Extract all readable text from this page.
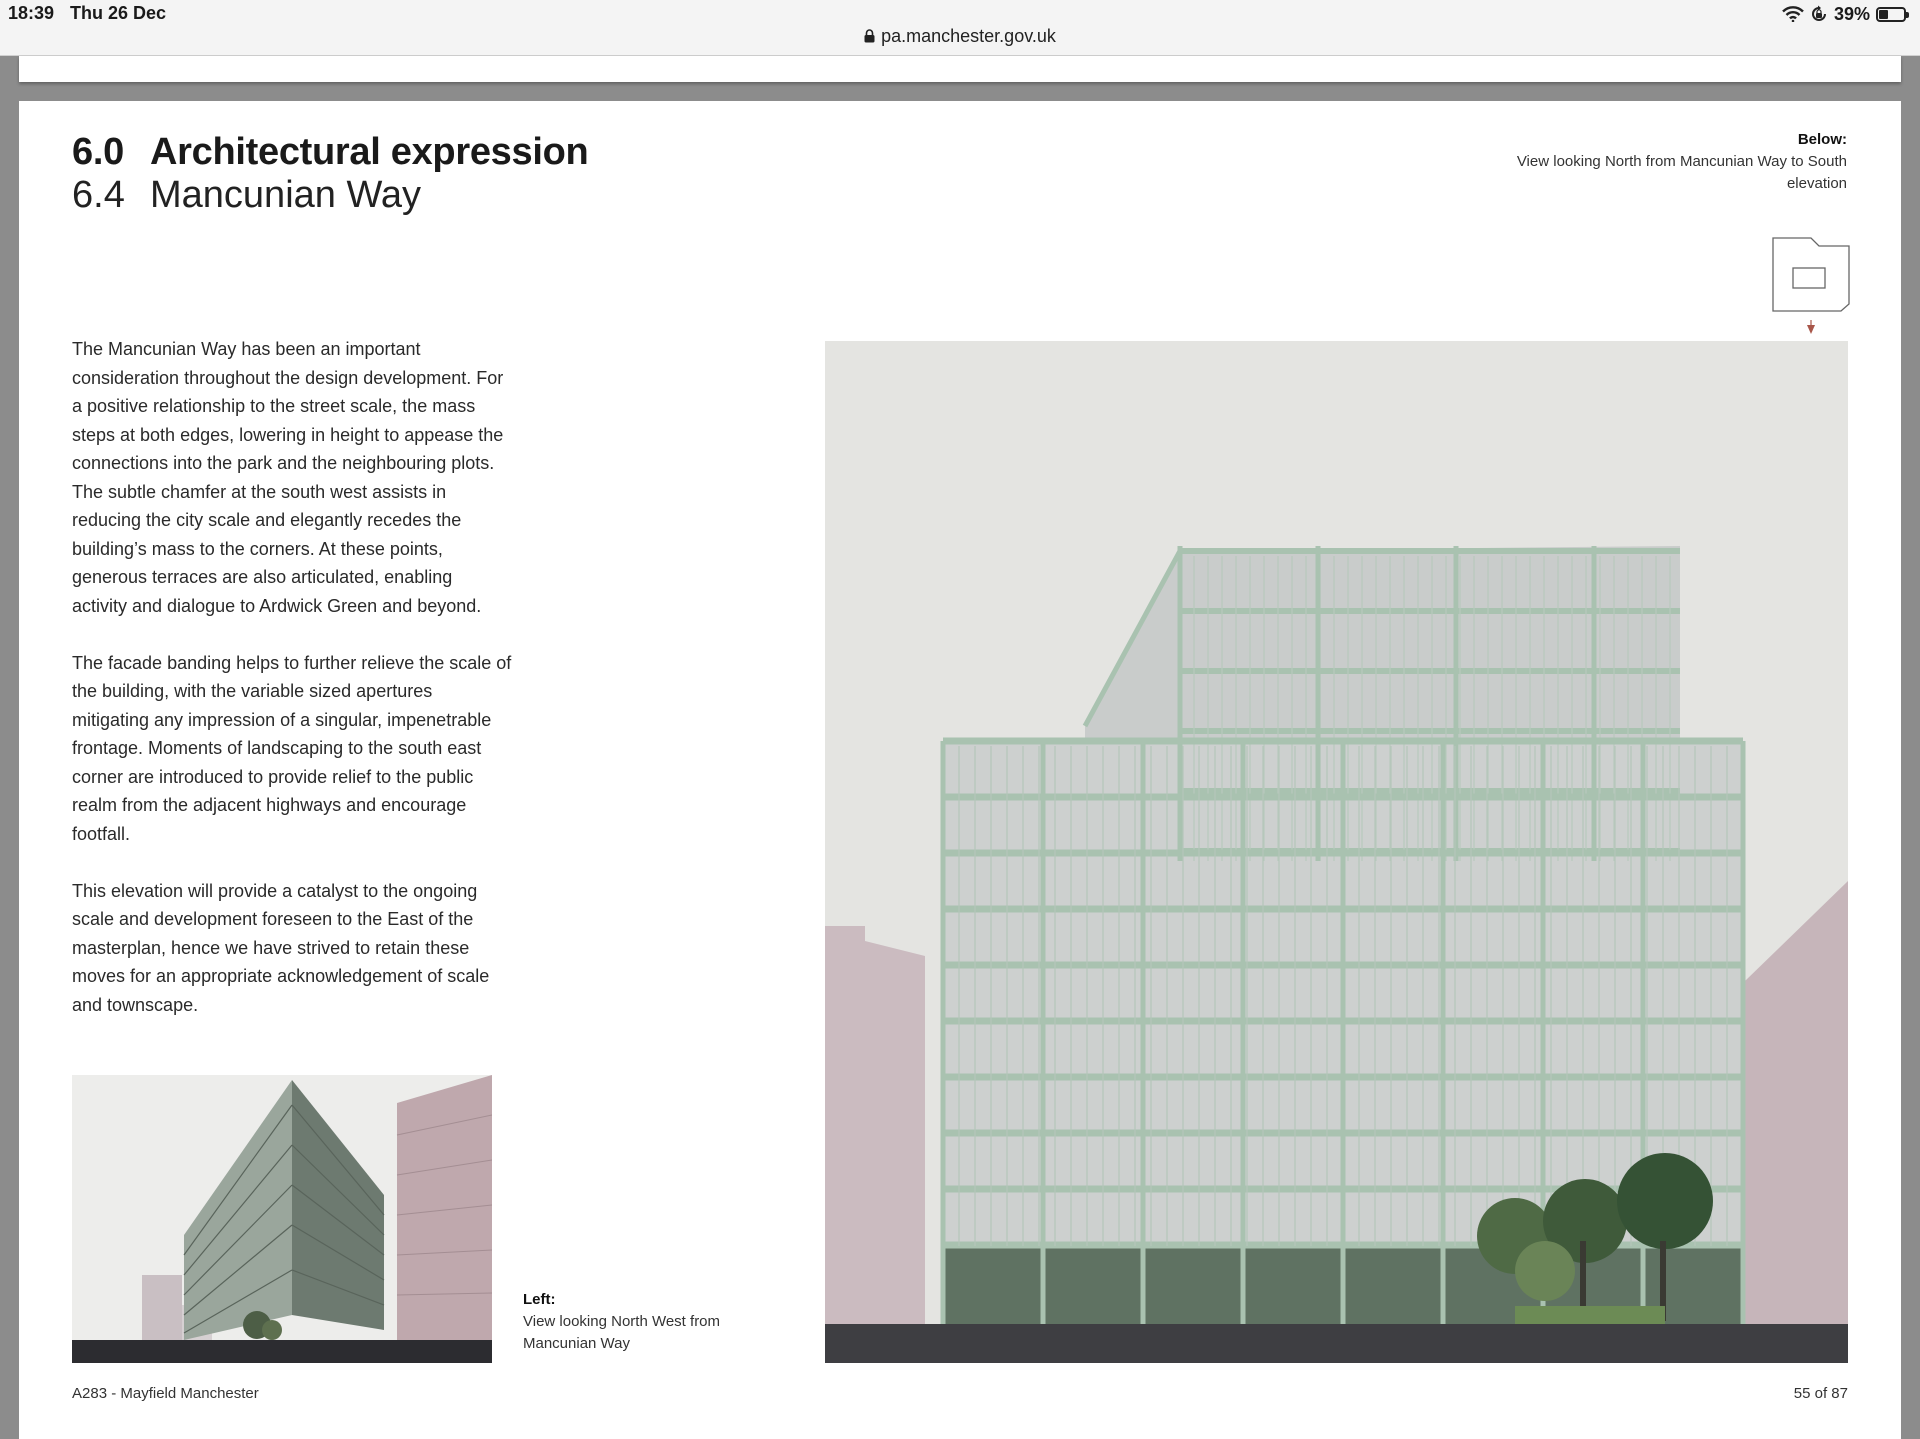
18:39 Thu 26 Dec
pa.manchester.gov.uk
39%
6.0 Architectural expression
6.4 Mancunian Way
Below:
View looking North from Mancunian Way to South elevation

The Mancunian Way has been an important consideration throughout the design development. For a positive relationship to the street scale, the mass steps at both edges, lowering in height to appease the connections into the park and the neighbouring plots. The subtle chamfer at the south west assists in reducing the city scale and elegantly recedes the building’s mass to the corners. At these points, generous terraces are also articulated, enabling activity and dialogue to Ardwick Green and beyond.

The facade banding helps to further relieve the scale of the building, with the variable sized apertures mitigating any impression of a singular, impenetrable frontage. Moments of landscaping to the south east corner are introduced to provide relief to the public realm from the adjacent highways and encourage footfall.

This elevation will provide a catalyst to the ongoing scale and development foreseen to the East of the masterplan, hence we have strived to retain these moves for an appropriate acknowledgement of scale and townscape.

Left:
View looking North West from Mancunian Way
A283 - Mayfield Manchester	55 of 87
